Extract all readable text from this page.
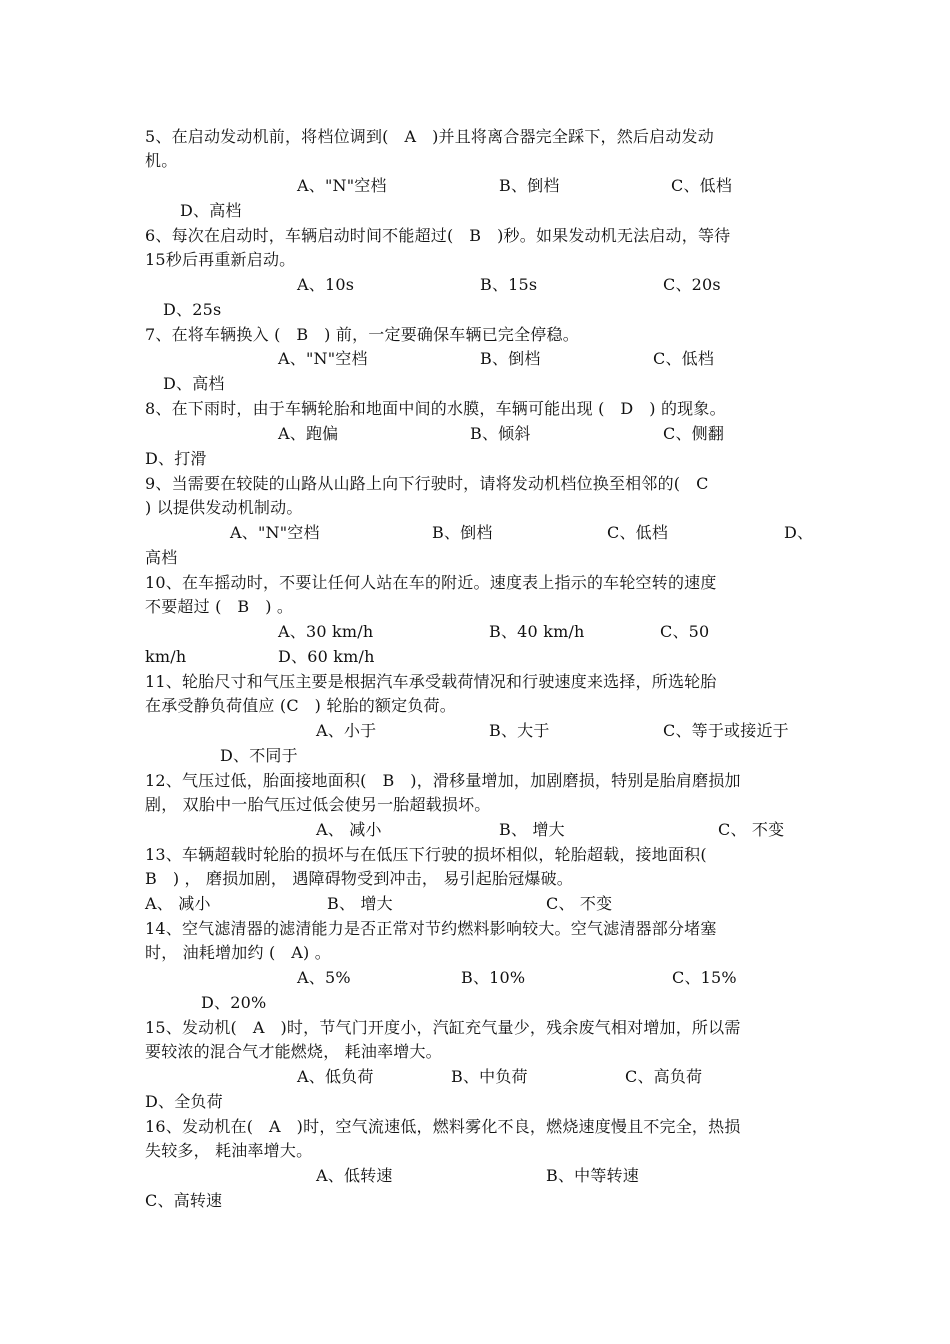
5、在启动发动机前，将档位调到(   A   )并且将离合器完全踩下，然后启动发动
机。
A、"N"空档	B、倒档	C、低档
D、高档
6、每次在启动时，车辆启动时间不能超过(   B   )秒。如果发动机无法启动，等待
15秒后再重新启动。
A、10s	B、15s	C、20s
D、25s
7、在将车辆换入 (   B   ) 前，一定要确保车辆已完全停稳。
A、"N"空档	B、倒档	C、低档
D、高档
8、在下雨时，由于车辆轮胎和地面中间的水膜，车辆可能出现 (   D   ) 的现象。
A、跑偏	B、倾斜	C、侧翻
D、打滑
9、当需要在较陡的山路从山路上向下行驶时，请将发动机档位换至相邻的(   C
) 以提供发动机制动。
A、"N"空档	B、倒档	C、低档	D、
高档
10、在车摇动时，不要让任何人站在车的附近。速度表上指示的车轮空转的速度
不要超过 (   B   ) 。
A、30 km/h	B、40 km/h	C、50
km/h	D、60 km/h
11、轮胎尺寸和气压主要是根据汽车承受载荷情况和行驶速度来选择，所选轮胎
在承受静负荷值应 (C   ) 轮胎的额定负荷。
A、小于	B、大于	C、等于或接近于
D、不同于
12、气压过低，胎面接地面积(   B   )，滑移量增加，加剧磨损，特别是胎肩磨损加
剧， 双胎中一胎气压过低会使另一胎超载损坏。
A、 减小	B、 增大	C、 不变
13、车辆超载时轮胎的损坏与在低压下行驶的损坏相似，轮胎超载，接地面积(
B   ) ， 磨损加剧， 遇障碍物受到冲击， 易引起胎冠爆破。
A、 减小	B、 增大	C、 不变
14、空气滤清器的滤清能力是否正常对节约燃料影响较大。空气滤清器部分堵塞
时， 油耗增加约 (   A) 。
A、5%	B、10%	C、15%
D、20%
15、发动机(   A   )时，节气门开度小，汽缸充气量少，残余废气相对增加，所以需
要较浓的混合气才能燃烧， 耗油率增大。
A、低负荷	B、中负荷	C、高负荷
D、全负荷
16、发动机在(   A   )时，空气流速低，燃料雾化不良，燃烧速度慢且不完全，热损
失较多， 耗油率增大。
A、低转速	B、中等转速
C、高转速
